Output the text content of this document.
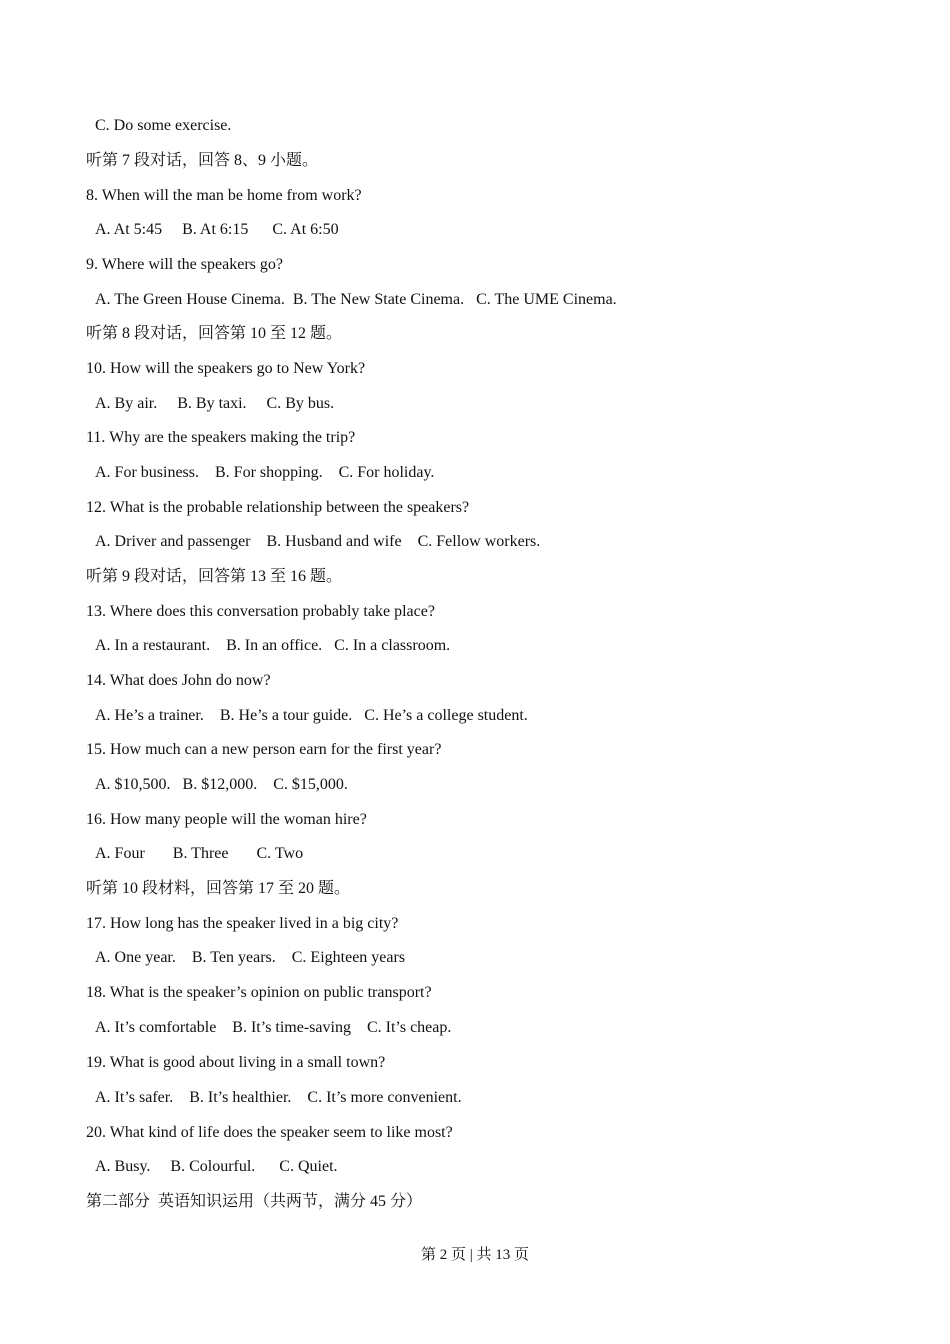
C. Do some exercise.
听第 7 段对话，回答 8、9 小题。
8. When will the man be home from work?
A. At 5:45     B. At 6:15      C. At 6:50
9. Where will the speakers go?
A. The Green House Cinema.  B. The New State Cinema.   C. The UME Cinema.
听第 8 段对话，回答第 10 至 12 题。
10. How will the speakers go to New York?
A. By air.     B. By taxi.     C. By bus.
11. Why are the speakers making the trip?
A. For business.    B. For shopping.    C. For holiday.
12. What is the probable relationship between the speakers?
A. Driver and passenger    B. Husband and wife    C. Fellow workers.
听第 9 段对话，回答第 13 至 16 题。
13. Where does this conversation probably take place?
A. In a restaurant.    B. In an office.   C. In a classroom.
14. What does John do now?
A. He’s a trainer.    B. He’s a tour guide.   C. He’s a college student.
15. How much can a new person earn for the first year?
A. $10,500.   B. $12,000.    C. $15,000.
16. How many people will the woman hire?
A. Four       B. Three       C. Two
听第 10 段材料，回答第 17 至 20 题。
17. How long has the speaker lived in a big city?
A. One year.    B. Ten years.    C. Eighteen years
18. What is the speaker’s opinion on public transport?
A. It’s comfortable    B. It’s time-saving    C. It’s cheap.
19. What is good about living in a small town?
A. It’s safer.    B. It’s healthier.    C. It’s more convenient.
20. What kind of life does the speaker seem to like most?
A. Busy.     B. Colourful.      C. Quiet.
第二部分  英语知识运用（共两节，满分 45 分）
第 2 页 | 共 13 页
